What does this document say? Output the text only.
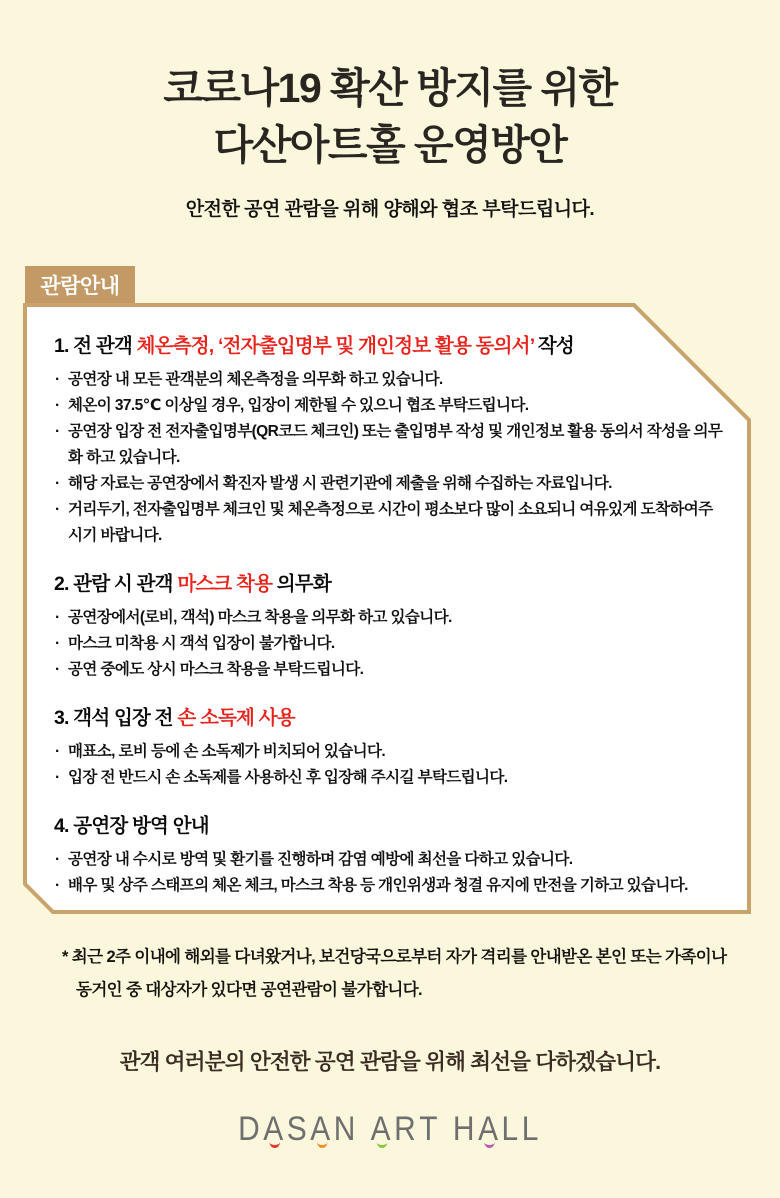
코로나19 확산 방지를 위한
다산아트홀 운영방안

안전한 공연 관람을 위해 양해와 협조 부탁드립니다.

관람안내
1. 전 관객 체온측정, ‘전자출입명부 및 개인정보 활용 동의서’ 작성
· 공연장 내 모든 관객분의 체온측정을 의무화 하고 있습니다.
· 체온이 37.5℃ 이상일 경우, 입장이 제한될 수 있으니 협조 부탁드립니다.
· 공연장 입장 전 전자출입명부(QR코드 체크인) 또는 출입명부 작성 및 개인정보 활용 동의서 작성을 의무화 하고 있습니다.
· 해당 자료는 공연장에서 확진자 발생 시 관련기관에 제출을 위해 수집하는 자료입니다.
· 거리두기, 전자출입명부 체크인 및 체온측정으로 시간이 평소보다 많이 소요되니 여유있게 도착하여주시기 바랍니다.
2. 관람 시 관객 마스크 착용 의무화
· 공연장에서(로비, 객석) 마스크 착용을 의무화 하고 있습니다.
· 마스크 미착용 시 객석 입장이 불가합니다.
· 공연 중에도 상시 마스크 착용을 부탁드립니다.
3. 객석 입장 전 손 소독제 사용
· 매표소, 로비 등에 손 소독제가 비치되어 있습니다.
· 입장 전 반드시 손 소독제를 사용하신 후 입장해 주시길 부탁드립니다.
4. 공연장 방역 안내
· 공연장 내 수시로 방역 및 환기를 진행하며 감염 예방에 최선을 다하고 있습니다.
· 배우 및 상주 스태프의 체온 체크, 마스크 착용 등 개인위생과 청결 유지에 만전을 기하고 있습니다.

* 최근 2주 이내에 해외를 다녀왔거나, 보건당국으로부터 자가 격리를 안내받온 본인 또는 가족이나
동거인 중 대상자가 있다면 공연관람이 불가합니다.

관객 여러분의 안전한 공연 관람을 위해 최선을 다하겠습니다.

DA
SA
N A
RT HA
LL
